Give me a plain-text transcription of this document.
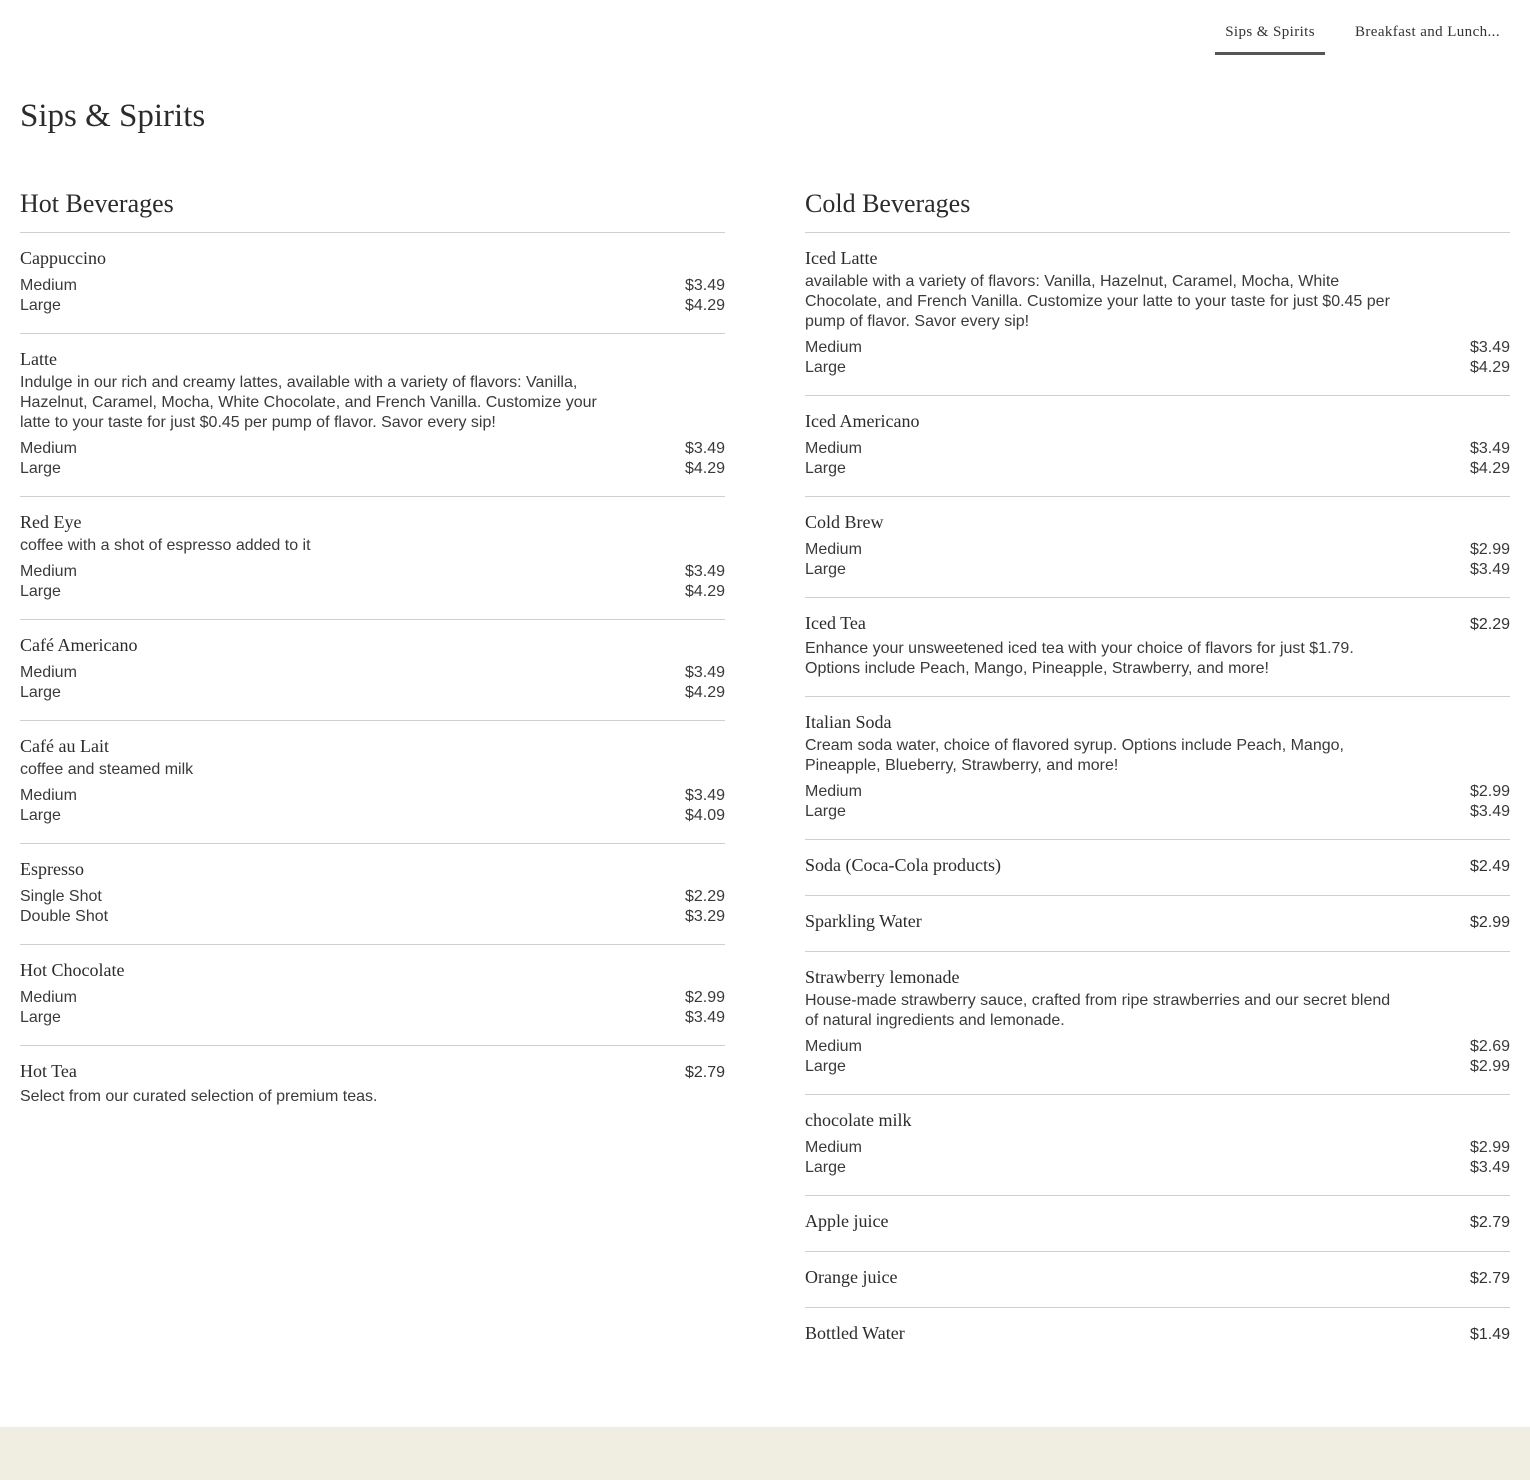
Sips & Spirits	Breakfast and Lunch...
Sips & Spirits
Hot Beverages
Cappuccino
Medium	$3.49
Large	$4.29
Latte
Indulge in our rich and creamy lattes, available with a variety of flavors: Vanilla, Hazelnut, Caramel, Mocha, White Chocolate, and French Vanilla. Customize your latte to your taste for just $0.45 per pump of flavor. Savor every sip!
Medium	$3.49
Large	$4.29
Red Eye
coffee with a shot of espresso added to it
Medium	$3.49
Large	$4.29
Café Americano
Medium	$3.49
Large	$4.29
Café au Lait
coffee and steamed milk
Medium	$3.49
Large	$4.09
Espresso
Single Shot	$2.29
Double Shot	$3.29
Hot Chocolate
Medium	$2.99
Large	$3.49
Hot Tea	$2.79
Select from our curated selection of premium teas.
Cold Beverages
Iced Latte
available with a variety of flavors: Vanilla, Hazelnut, Caramel, Mocha, White Chocolate, and French Vanilla. Customize your latte to your taste for just $0.45 per pump of flavor. Savor every sip!
Medium	$3.49
Large	$4.29
Iced Americano
Medium	$3.49
Large	$4.29
Cold Brew
Medium	$2.99
Large	$3.49
Iced Tea	$2.29
Enhance your unsweetened iced tea with your choice of flavors for just $1.79. Options include Peach, Mango, Pineapple, Strawberry, and more!
Italian Soda
Cream soda water, choice of flavored syrup. Options include Peach, Mango, Pineapple, Blueberry, Strawberry, and more!
Medium	$2.99
Large	$3.49
Soda (Coca-Cola products)	$2.49
Sparkling Water	$2.99
Strawberry lemonade
House-made strawberry sauce, crafted from ripe strawberries and our secret blend of natural ingredients and lemonade.
Medium	$2.69
Large	$2.99
chocolate milk
Medium	$2.99
Large	$3.49
Apple juice	$2.79
Orange juice	$2.79
Bottled Water	$1.49
